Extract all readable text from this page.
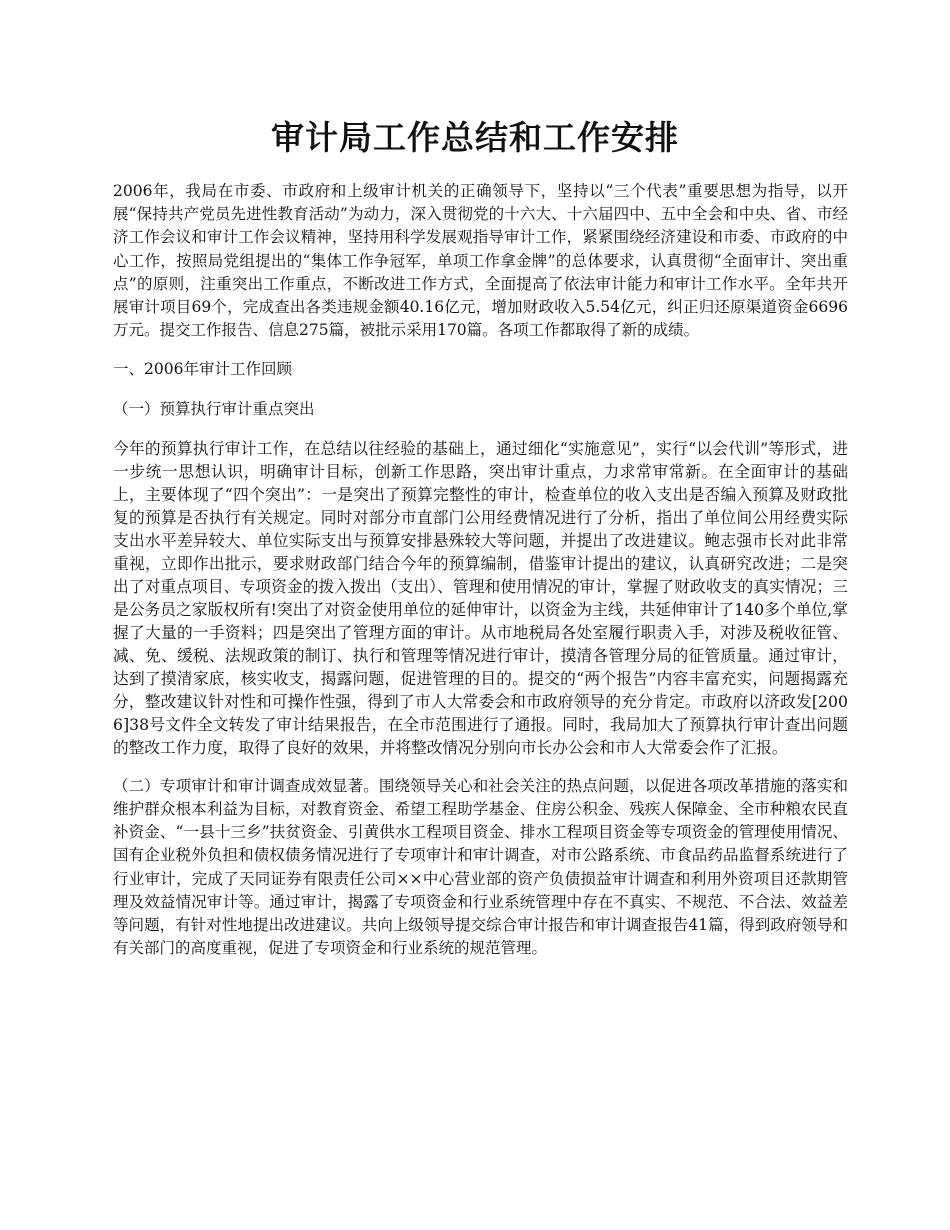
审计局工作总结和工作安排

2006年，我局在市委、市政府和上级审计机关的正确领导下，坚持以“三个代表”重要思想为指导，以开展“保持共产党员先进性教育活动”为动力，深入贯彻党的十六大、十六届四中、五中全会和中央、省、市经济工作会议和审计工作会议精神，坚持用科学发展观指导审计工作，紧紧围绕经济建设和市委、市政府的中心工作，按照局党组提出的“集体工作争冠军，单项工作拿金牌”的总体要求，认真贯彻“全面审计、突出重点”的原则，注重突出工作重点，不断改进工作方式，全面提高了依法审计能力和审计工作水平。全年共开展审计项目69个，完成查出各类违规金额40.16亿元，增加财政收入5.54亿元，纠正归还原渠道资金6696万元。提交工作报告、信息275篇，被批示采用170篇。各项工作都取得了新的成绩。

一、2006年审计工作回顾

（一）预算执行审计重点突出

今年的预算执行审计工作，在总结以往经验的基础上，通过细化“实施意见”，实行“以会代训”等形式，进一步统一思想认识，明确审计目标，创新工作思路，突出审计重点，力求常审常新。在全面审计的基础上，主要体现了“四个突出”：一是突出了预算完整性的审计，检查单位的收入支出是否编入预算及财政批复的预算是否执行有关规定。同时对部分市直部门公用经费情况进行了分析，指出了单位间公用经费实际支出水平差异较大、单位实际支出与预算安排悬殊较大等问题，并提出了改进建议。鲍志强市长对此非常重视，立即作出批示，要求财政部门结合今年的预算编制，借鉴审计提出的建议，认真研究改进；二是突出了对重点项目、专项资金的拨入拨出（支出）、管理和使用情况的审计，掌握了财政收支的真实情况；三是公务员之家版权所有!突出了对资金使用单位的延伸审计，以资金为主线，共延伸审计了140多个单位,掌握了大量的一手资料；四是突出了管理方面的审计。从市地税局各处室履行职责入手，对涉及税收征管、减、免、缓税、法规政策的制订、执行和管理等情况进行审计，摸清各管理分局的征管质量。通过审计，达到了摸清家底，核实收支，揭露问题，促进管理的目的。提交的“两个报告”内容丰富充实，问题揭露充分，整改建议针对性和可操作性强，得到了市人大常委会和市政府领导的充分肯定。市政府以济政发[2006]38号文件全文转发了审计结果报告，在全市范围进行了通报。同时，我局加大了预算执行审计查出问题的整改工作力度，取得了良好的效果，并将整改情况分别向市长办公会和市人大常委会作了汇报。

（二）专项审计和审计调查成效显著。围绕领导关心和社会关注的热点问题，以促进各项改革措施的落实和维护群众根本利益为目标，对教育资金、希望工程助学基金、住房公积金、残疾人保障金、全市种粮农民直补资金、“一县十三乡”扶贫资金、引黄供水工程项目资金、排水工程项目资金等专项资金的管理使用情况、国有企业税外负担和债权债务情况进行了专项审计和审计调查，对市公路系统、市食品药品监督系统进行了行业审计，完成了天同证券有限责任公司××中心营业部的资产负债损益审计调查和利用外资项目还款期管理及效益情况审计等。通过审计，揭露了专项资金和行业系统管理中存在不真实、不规范、不合法、效益差等问题，有针对性地提出改进建议。共向上级领导提交综合审计报告和审计调查报告41篇，得到政府领导和有关部门的高度重视，促进了专项资金和行业系统的规范管理。
